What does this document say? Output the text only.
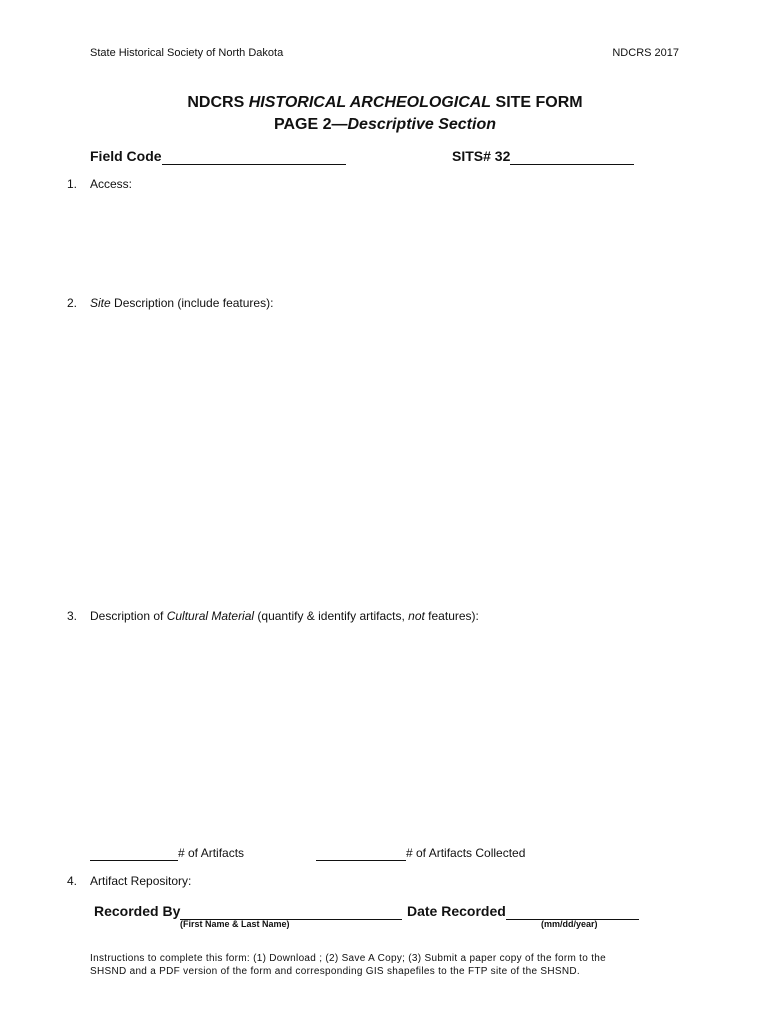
State Historical Society of North Dakota	NDCRS 2017
NDCRS HISTORICAL ARCHEOLOGICAL SITE FORM
PAGE 2—Descriptive Section
Field Code	SITS# 32
1. Access:
2. Site Description (include features):
3. Description of Cultural Material (quantify & identify artifacts, not features):
# of Artifacts	# of Artifacts Collected
4. Artifact Repository:
Recorded By
(First Name & Last Name)
Date Recorded
(mm/dd/year)
Instructions to complete this form: (1) Download ; (2) Save A Copy; (3) Submit a paper copy of the form to the
SHSND and a PDF version of the form and corresponding GIS shapefiles to the FTP site of the SHSND.
